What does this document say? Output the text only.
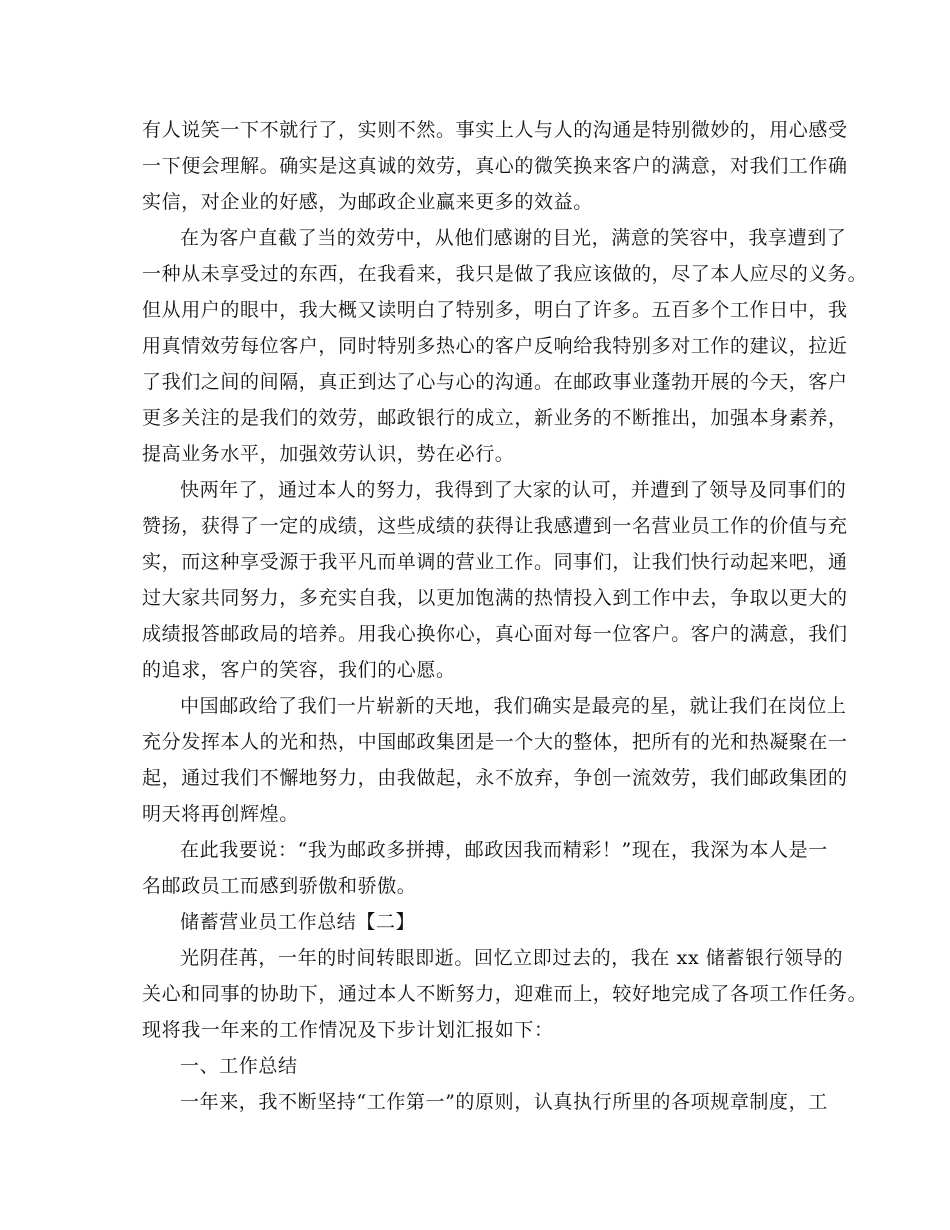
有人说笑一下不就行了，实则不然。事实上人与人的沟通是特别微妙的，用心感受
一下便会理解。确实是这真诚的效劳，真心的微笑换来客户的满意，对我们工作确
实信，对企业的好感，为邮政企业赢来更多的效益。
在为客户直截了当的效劳中，从他们感谢的目光，满意的笑容中，我享遭到了
一种从未享受过的东西，在我看来，我只是做了我应该做的，尽了本人应尽的义务。
但从用户的眼中，我大概又读明白了特别多，明白了许多。五百多个工作日中，我
用真情效劳每位客户，同时特别多热心的客户反响给我特别多对工作的建议，拉近
了我们之间的间隔，真正到达了心与心的沟通。在邮政事业蓬勃开展的今天，客户
更多关注的是我们的效劳，邮政银行的成立，新业务的不断推出，加强本身素养，
提高业务水平，加强效劳认识，势在必行。
快两年了，通过本人的努力，我得到了大家的认可，并遭到了领导及同事们的
赞扬，获得了一定的成绩，这些成绩的获得让我感遭到一名营业员工作的价值与充
实，而这种享受源于我平凡而单调的营业工作。同事们，让我们快行动起来吧，通
过大家共同努力，多充实自我，以更加饱满的热情投入到工作中去，争取以更大的
成绩报答邮政局的培养。用我心换你心，真心面对每一位客户。客户的满意，我们
的追求，客户的笑容，我们的心愿。
中国邮政给了我们一片崭新的天地，我们确实是最亮的星，就让我们在岗位上
充分发挥本人的光和热，中国邮政集团是一个大的整体，把所有的光和热凝聚在一
起，通过我们不懈地努力，由我做起，永不放弃，争创一流效劳，我们邮政集团的
明天将再创辉煌。
在此我要说：“我为邮政多拼搏，邮政因我而精彩！”现在，我深为本人是一
名邮政员工而感到骄傲和骄傲。
储蓄营业员工作总结【二】
光阴荏苒，一年的时间转眼即逝。回忆立即过去的，我在 xx 储蓄银行领导的
关心和同事的协助下，通过本人不断努力，迎难而上，较好地完成了各项工作任务。
现将我一年来的工作情况及下步计划汇报如下：
一、工作总结
一年来，我不断坚持“工作第一”的原则，认真执行所里的各项规章制度，工
